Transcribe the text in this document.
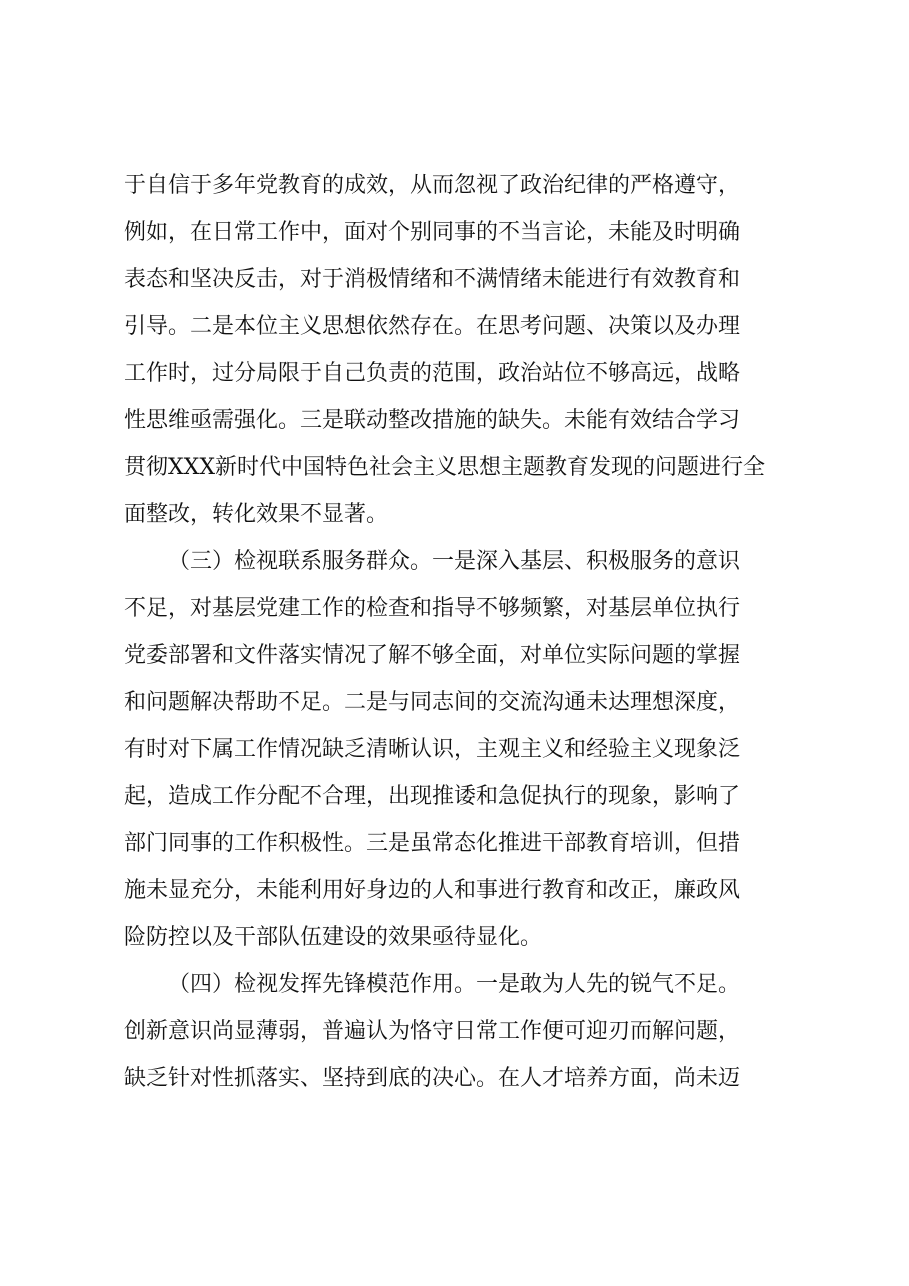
于自信于多年党教育的成效，从而忽视了政治纪律的严格遵守，
例如，在日常工作中，面对个别同事的不当言论，未能及时明确
表态和坚决反击，对于消极情绪和不满情绪未能进行有效教育和
引导。二是本位主义思想依然存在。在思考问题、决策以及办理
工作时，过分局限于自己负责的范围，政治站位不够高远，战略
性思维亟需强化。三是联动整改措施的缺失。未能有效结合学习
贯彻XXX新时代中国特色社会主义思想主题教育发现的问题进行全
面整改，转化效果不显著。
（三）检视联系服务群众。一是深入基层、积极服务的意识
不足，对基层党建工作的检查和指导不够频繁，对基层单位执行
党委部署和文件落实情况了解不够全面，对单位实际问题的掌握
和问题解决帮助不足。二是与同志间的交流沟通未达理想深度，
有时对下属工作情况缺乏清晰认识，主观主义和经验主义现象泛
起，造成工作分配不合理，出现推诿和急促执行的现象，影响了
部门同事的工作积极性。三是虽常态化推进干部教育培训，但措
施未显充分，未能利用好身边的人和事进行教育和改正，廉政风
险防控以及干部队伍建设的效果亟待显化。
（四）检视发挥先锋模范作用。一是敢为人先的锐气不足。
创新意识尚显薄弱，普遍认为恪守日常工作便可迎刃而解问题，
缺乏针对性抓落实、坚持到底的决心。在人才培养方面，尚未迈
